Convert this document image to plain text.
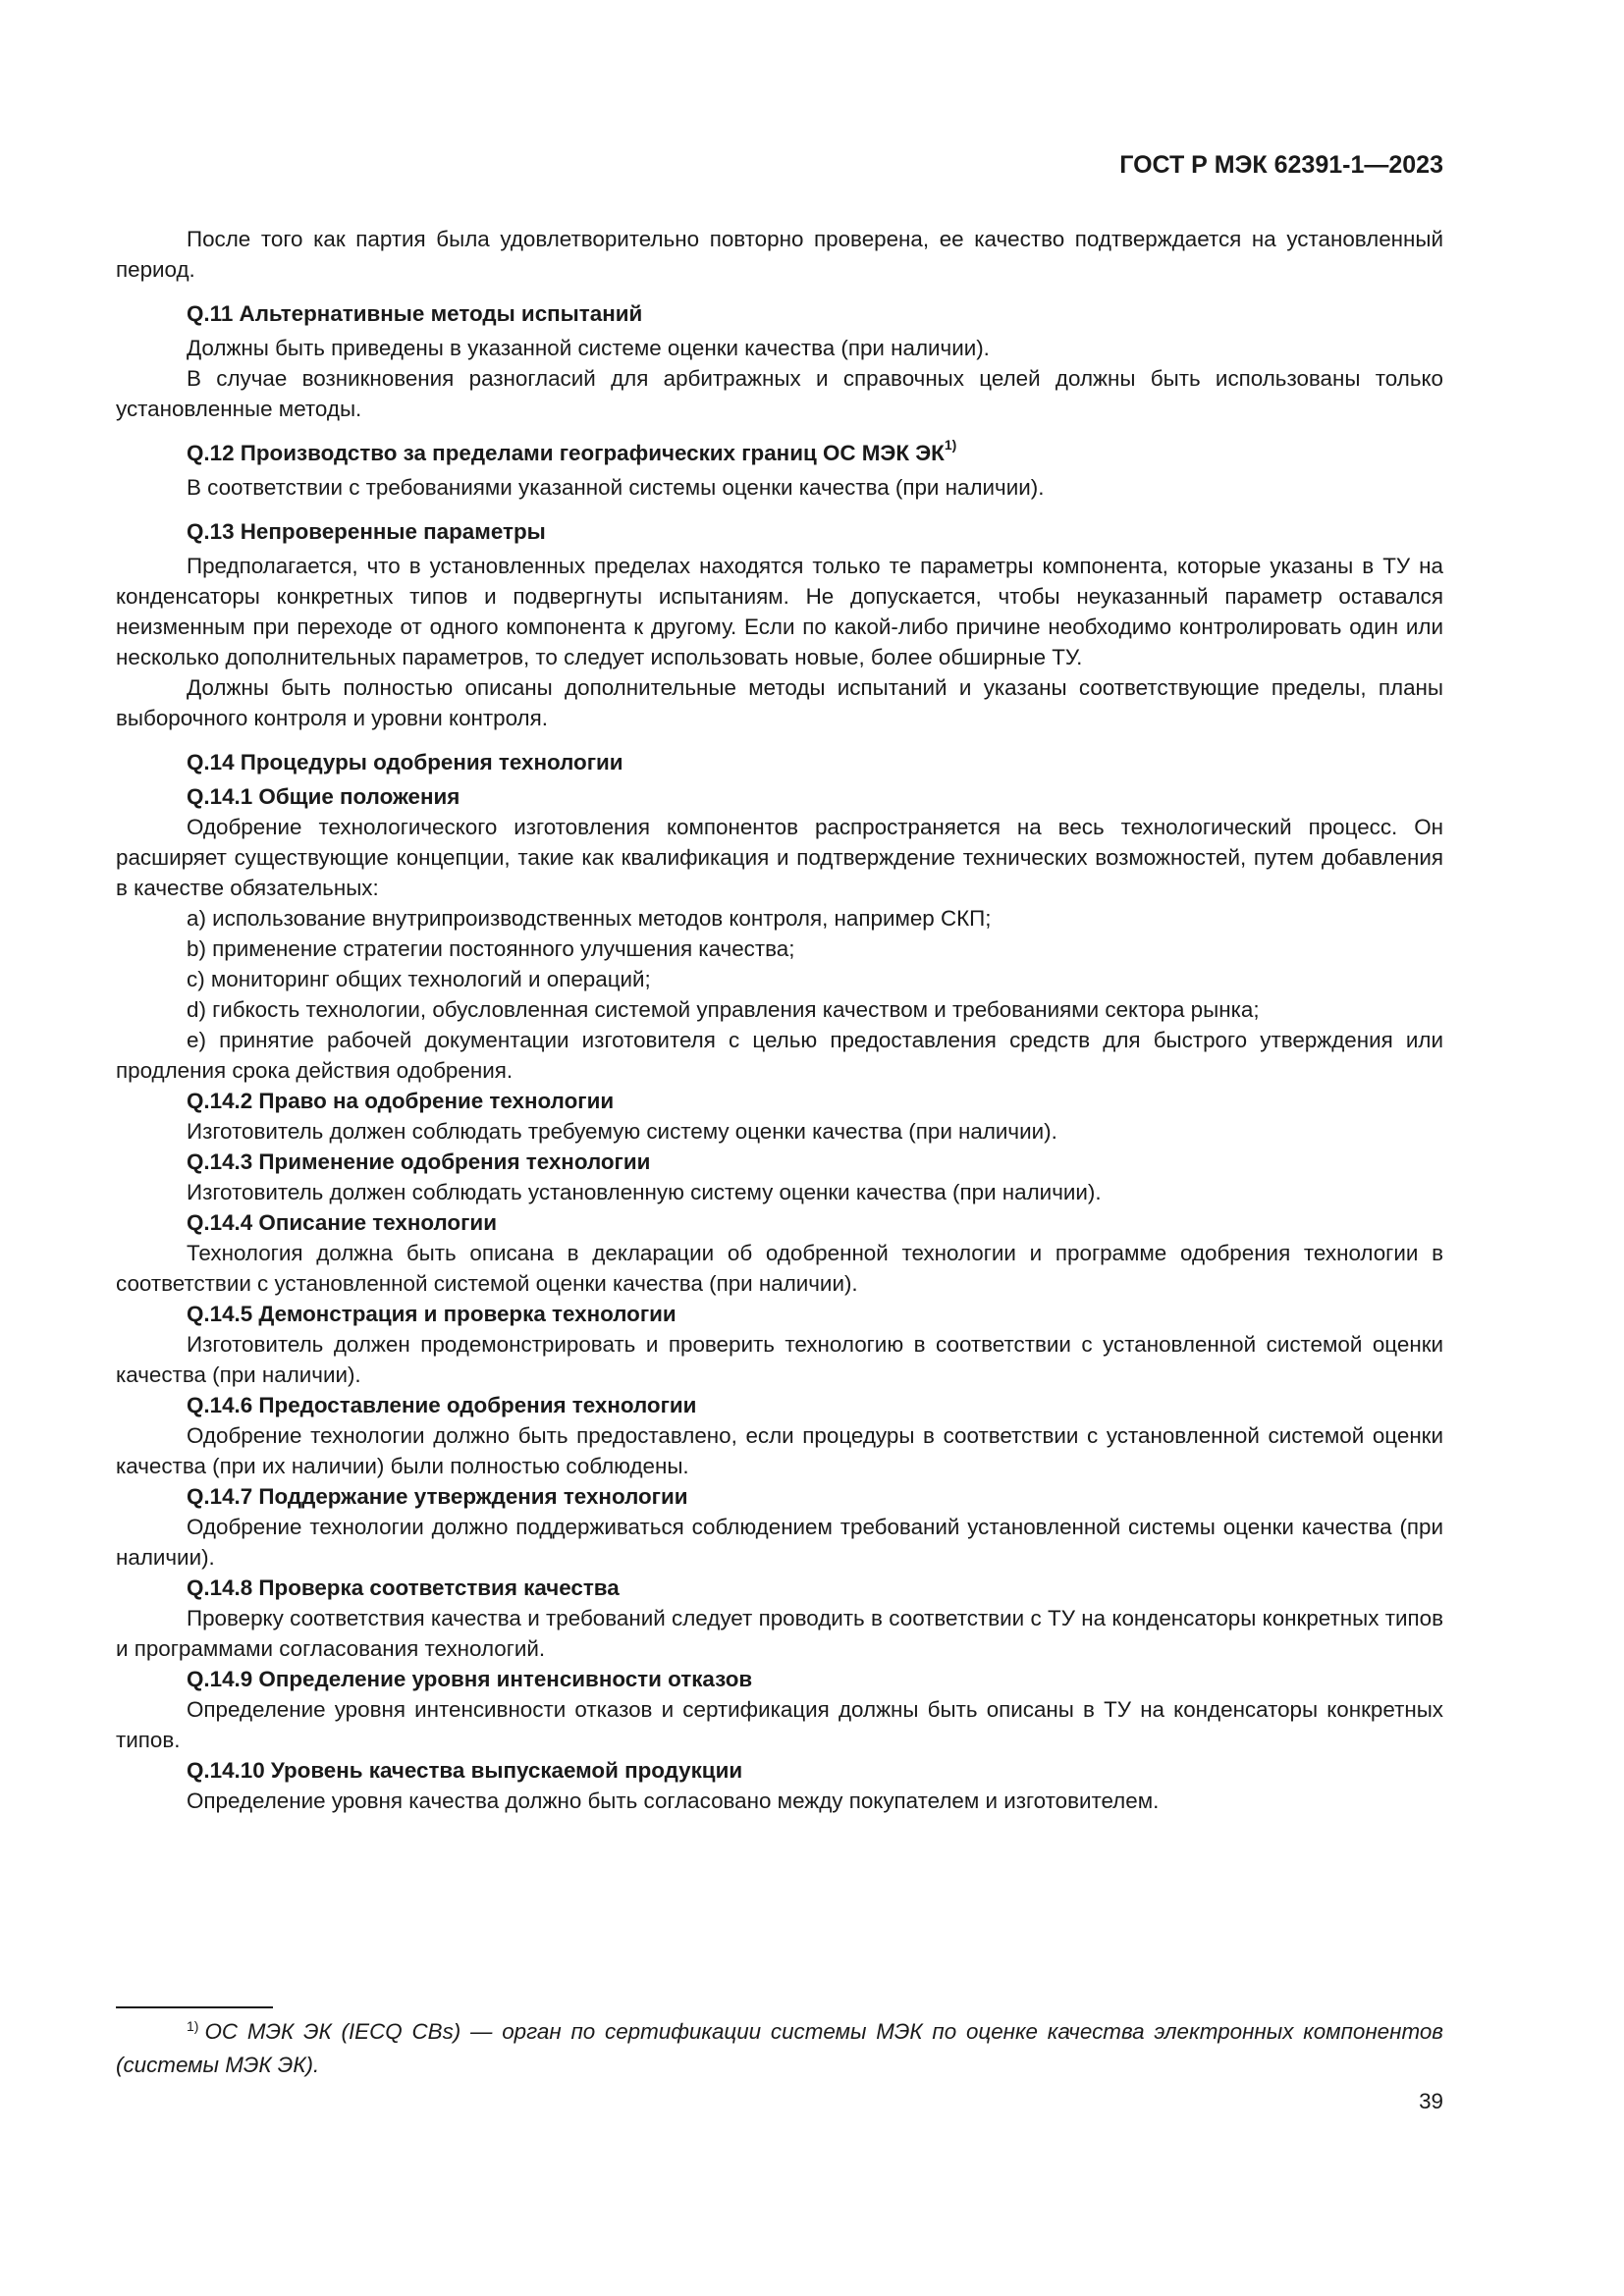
ГОСТ Р МЭК 62391-1—2023

После того как партия была удовлетворительно повторно проверена, ее качество подтверждается на установленный период.

Q.11 Альтернативные методы испытаний

Должны быть приведены в указанной системе оценки качества (при наличии).

В случае возникновения разногласий для арбитражных и справочных целей должны быть использованы только установленные методы.

Q.12 Производство за пределами географических границ ОС МЭК ЭК$^{1)}$

В соответствии с требованиями указанной системы оценки качества (при наличии).

Q.13 Непроверенные параметры

Предполагается, что в установленных пределах находятся только те параметры компонента, которые указаны в ТУ на конденсаторы конкретных типов и подвергнуты испытаниям. Не допускается, чтобы неуказанный параметр оставался неизменным при переходе от одного компонента к другому. Если по какой-либо причине необходимо контролировать один или несколько дополнительных параметров, то следует использовать новые, более обширные ТУ.

Должны быть полностью описаны дополнительные методы испытаний и указаны соответствующие пределы, планы выборочного контроля и уровни контроля.

Q.14 Процедуры одобрения технологии
Q.14.1 Общие положения

Одобрение технологического изготовления компонентов распространяется на весь технологический процесс. Он расширяет существующие концепции, такие как квалификация и подтверждение технических возможностей, путем добавления в качестве обязательных:

а) использование внутрипроизводственных методов контроля, например СКП;

b) применение стратегии постоянного улучшения качества;

c) мониторинг общих технологий и операций;

d) гибкость технологии, обусловленная системой управления качеством и требованиями сектора рынка;

е) принятие рабочей документации изготовителя с целью предоставления средств для быстрого утверждения или продления срока действия одобрения.

Q.14.2 Право на одобрение технологии

Изготовитель должен соблюдать требуемую систему оценки качества (при наличии).

Q.14.3 Применение одобрения технологии

Изготовитель должен соблюдать установленную систему оценки качества (при наличии).

Q.14.4 Описание технологии

Технология должна быть описана в декларации об одобренной технологии и программе одобрения технологии в соответствии с установленной системой оценки качества (при наличии).

Q.14.5 Демонстрация и проверка технологии

Изготовитель должен продемонстрировать и проверить технологию в соответствии с установленной системой оценки качества (при наличии).

Q.14.6 Предоставление одобрения технологии

Одобрение технологии должно быть предоставлено, если процедуры в соответствии с установленной системой оценки качества (при их наличии) были полностью соблюдены.

Q.14.7 Поддержание утверждения технологии

Одобрение технологии должно поддерживаться соблюдением требований установленной системы оценки качества (при наличии).

Q.14.8 Проверка соответствия качества

Проверку соответствия качества и требований следует проводить в соответствии с ТУ на конденсаторы конкретных типов и программами согласования технологий.

Q.14.9 Определение уровня интенсивности отказов

Определение уровня интенсивности отказов и сертификация должны быть описаны в ТУ на конденсаторы конкретных типов.

Q.14.10 Уровень качества выпускаемой продукции

Определение уровня качества должно быть согласовано между покупателем и изготовителем.

$^{1)}$ ОС МЭК ЭК (IECQ CBs) — орган по сертификации системы МЭК по оценке качества электронных компонентов (системы МЭК ЭК).

39
